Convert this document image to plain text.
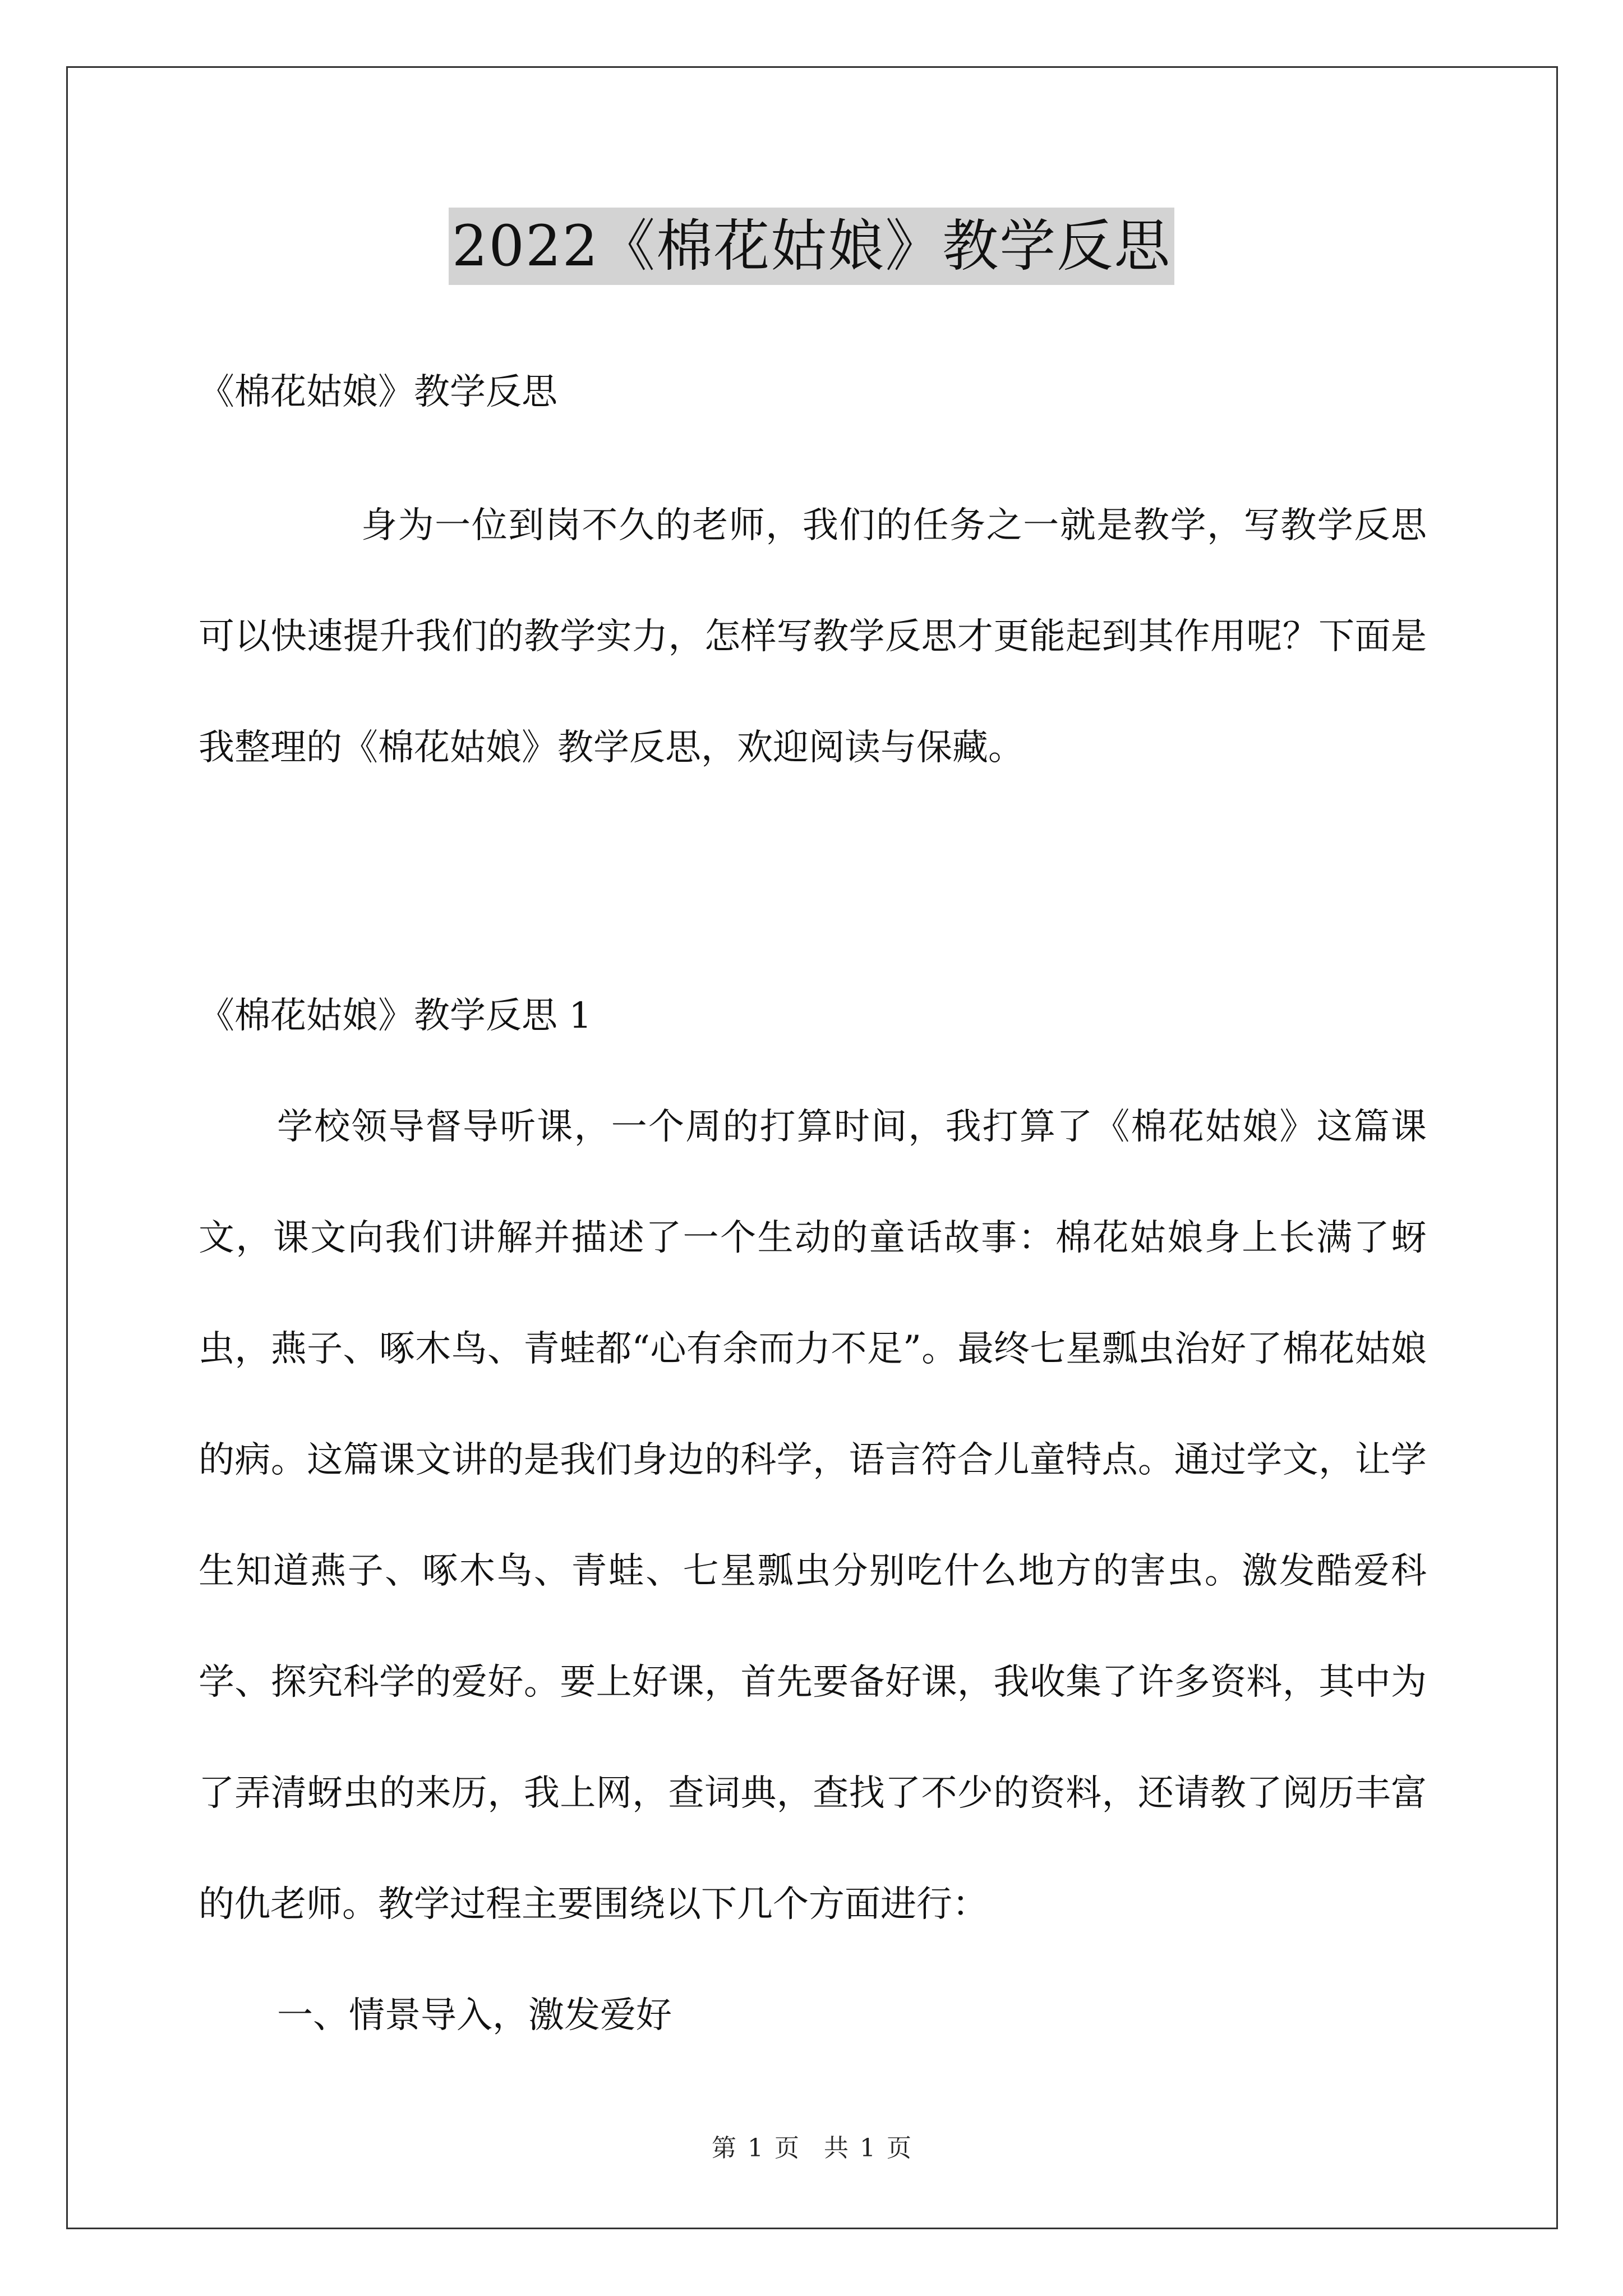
2022《棉花姑娘》教学反思

《棉花姑娘》教学反思

身为一位到岗不久的老师，我们的任务之一就是教学，写教学反思可以快速提升我们的教学实力，怎样写教学反思才更能起到其作用呢？下面是我整理的《棉花姑娘》教学反思，欢迎阅读与保藏。

《棉花姑娘》教学反思 1

学校领导督导听课，一个周的打算时间，我打算了《棉花姑娘》这篇课文，课文向我们讲解并描述了一个生动的童话故事：棉花姑娘身上长满了蚜虫，燕子、啄木鸟、青蛙都“心有余而力不足”。最终七星瓢虫治好了棉花姑娘的病。这篇课文讲的是我们身边的科学，语言符合儿童特点。通过学文，让学生知道燕子、啄木鸟、青蛙、七星瓢虫分别吃什么地方的害虫。激发酷爱科学、探究科学的爱好。要上好课，首先要备好课，我收集了许多资料，其中为了弄清蚜虫的来历，我上网，查词典，查找了不少的资料，还请教了阅历丰富的仇老师。教学过程主要围绕以下几个方面进行：

一、情景导入，激发爱好

第 1 页　共 1 页
